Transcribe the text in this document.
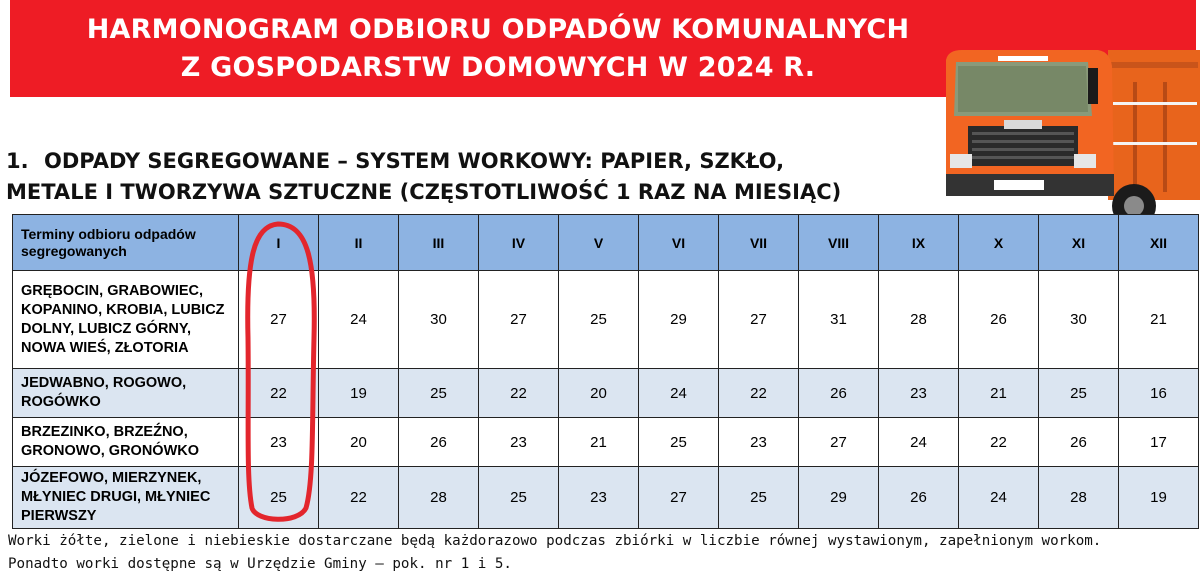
HARMONOGRAM ODBIORU ODPADÓW KOMUNALNYCH
Z GOSPODARSTW DOMOWYCH W 2024 R.
1. ODPADY SEGREGOWANE – SYSTEM WORKOWY: PAPIER, SZKŁO,
METALE I TWORZYWA SZTUCZNE (CZĘSTOTLIWOŚĆ 1 RAZ NA MIESIĄC)
Terminy odbioru odpadów segregowanych	I	II	III	IV	V	VI	VII	VIII	IX	X	XI	XII
GRĘBOCIN, GRABOWIEC, KOPANINO, KROBIA, LUBICZ DOLNY, LUBICZ GÓRNY, NOWA WIEŚ, ZŁOTORIA	27	24	30	27	25	29	27	31	28	26	30	21
JEDWABNO, ROGOWO, ROGÓWKO	22	19	25	22	20	24	22	26	23	21	25	16
BRZEZINKO, BRZEŹNO, GRONOWO, GRONÓWKO	23	20	26	23	21	25	23	27	24	22	26	17
JÓZEFOWO, MIERZYNEK, MŁYNIEC DRUGI, MŁYNIEC PIERWSZY	25	22	28	25	23	27	25	29	26	24	28	19
Worki żółte, zielone i niebieskie dostarczane będą każdorazowo podczas zbiórki w liczbie równej wystawionym, zapełnionym workom.
Ponadto worki dostępne są w Urzędzie Gminy – pok. nr 1 i 5.
